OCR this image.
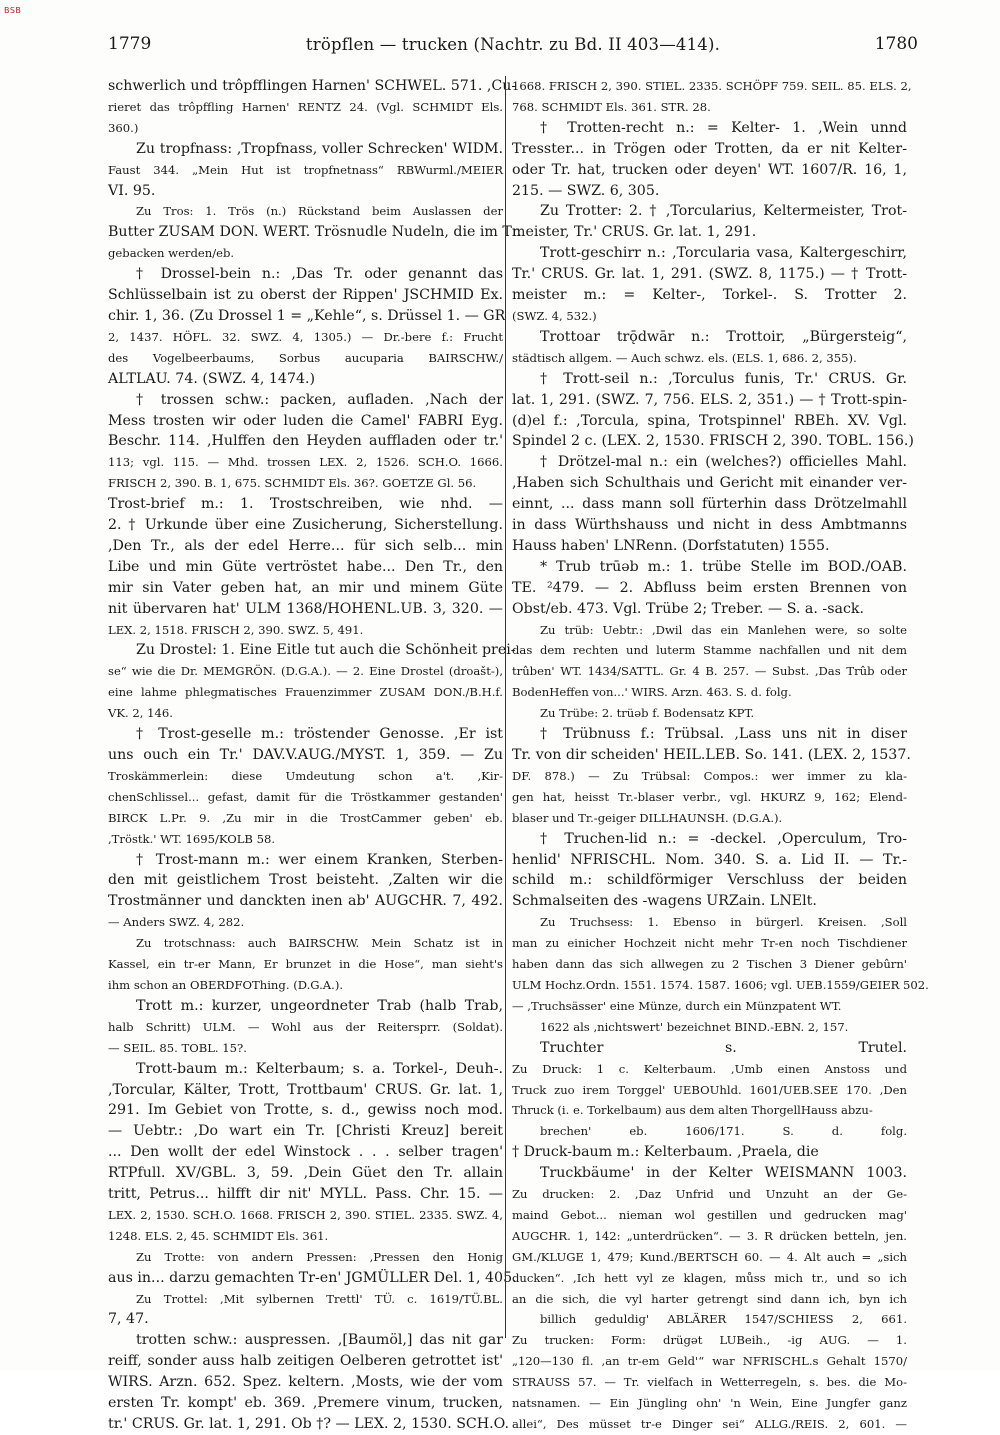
BSB
1779	tröpflen — trucken (Nachtr. zu Bd. II 403—414).	1780
schwerlich und trôpfflingen Harnen' SCHWEL. 571. ,Cu-
rieret das trôpffling Harnen' RENTZ 24. (Vgl. SCHMIDT Els.
360.)
Zu tropfnass: ,Tropfnass, voller Schrecken' WIDM.
Faust 344. „Mein Hut ist tropfnetnass“ RBWurml./MEIER
VI. 95.
Zu Tros: 1. Trös (n.) Rückstand beim Auslassen der
Butter ZUSAM DON. WERT. Trösnudle Nudeln, die im Tr.
gebacken werden/eb.
† Drossel-bein n.: ,Das Tr. oder genannt das
Schlüsselbain ist zu oberst der Rippen' JSCHMID Ex.
chir. 1, 36. (Zu Drossel 1 = „Kehle“, s. Drüssel 1. — GR
2, 1437. HÖFL. 32. SWZ. 4, 1305.) — Dr.-bere f.: Frucht
des Vogelbeerbaums, Sorbus aucuparia BAIRSCHW./
ALTLAU. 74. (SWZ. 4, 1474.)
† trossen schw.: packen, aufladen. ,Nach der
Mess trosten wir oder luden die Camel' FABRI Eyg.
Beschr. 114. ,Hulffen den Heyden auffladen oder tr.'
113; vgl. 115. — Mhd. trossen LEX. 2, 1526. SCH.O. 1666.
FRISCH 2, 390. B. 1, 675. SCHMIDT Els. 36?. GOETZE Gl. 56.
Trost-brief m.: 1. Trostschreiben, wie nhd. —
2. † Urkunde über eine Zusicherung, Sicherstellung.
,Den Tr., als der edel Herre... für sich selb... min
Libe und min Güte vertröstet habe... Den Tr., den
mir sin Vater geben hat, an mir und minem Güte
nit übervaren hat' ULM 1368/HOHENL.UB. 3, 320. —
LEX. 2, 1518. FRISCH 2, 390. SWZ. 5, 491.
Zu Drostel: 1. Eine Eitle tut auch die Schönheit prei-
se“ wie die Dr. MEMGRÖN. (D.G.A.). — 2. Eine Drostel (droašt-),
eine lahme phlegmatisches Frauenzimmer ZUSAM DON./B.H.f.
VK. 2, 146.
† Trost-geselle m.: tröstender Genosse. ,Er ist
uns ouch ein Tr.' DAV.V.AUG./MYST. 1, 359. — Zu
Troskämmerlein: diese Umdeutung schon a't. ,Kir-
chenSchlissel... gefast, damit für die Tröstkammer gestanden'
BIRCK L.Pr. 9. ,Zu mir in die TrostCammer geben' eb.
,Tröstk.' WT. 1695/KOLB 58.
† Trost-mann m.: wer einem Kranken, Sterben-
den mit geistlichem Trost beisteht. ,Zalten wir die
Trostmänner und danckten inen ab' AUGCHR. 7, 492.
— Anders SWZ. 4, 282.
Zu trotschnass: auch BAIRSCHW. Mein Schatz ist in
Kassel, ein tr-er Mann, Er brunzet in die Hose“, man sieht's
ihm schon an OBERDFOThing. (D.G.A.).
Trott m.: kurzer, ungeordneter Trab (halb Trab,
halb Schritt) ULM. — Wohl aus der Reitersprr. (Soldat).
— SEIL. 85. TOBL. 15?.
Trott-baum m.: Kelterbaum; s. a. Torkel-, Deuh-.
,Torcular, Kälter, Trott, Trottbaum' CRUS. Gr. lat. 1,
291. Im Gebiet von Trotte, s. d., gewiss noch mod.
— Uebtr.: ,Do wart ein Tr. [Christi Kreuz] bereit
... Den wollt der edel Winstock . . . selber tragen'
RTPfull. XV/GBL. 3, 59. ,Dein Güet den Tr. allain
tritt, Petrus... hilfft dir nit' MYLL. Pass. Chr. 15. —
LEX. 2, 1530. SCH.O. 1668. FRISCH 2, 390. STIEL. 2335. SWZ. 4,
1248. ELS. 2, 45. SCHMIDT Els. 361.
Zu Trotte: von andern Pressen: ,Pressen den Honig
aus in... darzu gemachten Tr-en' JGMÜLLER Del. 1, 405.
Zu Trottel: ,Mit sylbernen Trettl' TÜ. c. 1619/TÜ.BL.
7, 47.
trotten schw.: auspressen. ,[Baumöl,] das nit gar
reiff, sonder auss halb zeitigen Oelberen getrottet ist'
WIRS. Arzn. 652. Spez. keltern. ,Mosts, wie der vom
ersten Tr. kompt' eb. 369. ,Premere vinum, trucken,
tr.' CRUS. Gr. lat. 1, 291. Ob †? — LEX. 2, 1530. SCH.O.
1668. FRISCH 2, 390. STIEL. 2335. SCHÖPF 759. SEIL. 85. ELS. 2,
768. SCHMIDT Els. 361. STR. 28.
† Trotten-recht n.: = Kelter- 1. ,Wein unnd
Tresster... in Trögen oder Trotten, da er nit Kelter-
oder Tr. hat, trucken oder deyen' WT. 1607/R. 16, 1,
215. — SWZ. 6, 305.
Zu Trotter: 2. † ,Torcularius, Keltermeister, Trot-
meister, Tr.' CRUS. Gr. lat. 1, 291.
Trott-geschirr n.: ,Torcularia vasa, Kaltergeschirr,
Tr.' CRUS. Gr. lat. 1, 291. (SWZ. 8, 1175.) — † Trott-
meister m.: = Kelter-, Torkel-. S. Trotter 2.
(SWZ. 4, 532.)
Trottoar trǭdwār n.: Trottoir, „Bürgersteig“,
städtisch allgem. — Auch schwz. els. (ELS. 1, 686. 2, 355).
† Trott-seil n.: ,Torculus funis, Tr.' CRUS. Gr.
lat. 1, 291. (SWZ. 7, 756. ELS. 2, 351.) — † Trott-spin-
(d)el f.: ,Torcula, spina, Trotspinnel' RBEh. XV. Vgl.
Spindel 2 c. (LEX. 2, 1530. FRISCH 2, 390. TOBL. 156.)
† Drötzel-mal n.: ein (welches?) officielles Mahl.
,Haben sich Schulthais und Gericht mit einander ver-
einnt, ... dass mann soll fürterhin dass Drötzelmahll
in dass Würthshauss und nicht in dess Ambtmanns
Hauss haben' LNRenn. (Dorfstatuten) 1555.
* Trub trūəb m.: 1. trübe Stelle im BOD./OAB.
TE. ²479. — 2. Abfluss beim ersten Brennen von
Obst/eb. 473. Vgl. Trübe 2; Treber. — S. a. -sack.
Zu trüb: Uebtr.: ,Dwil das ein Manlehen were, so solte
das dem rechten und luterm Stamme nachfallen und nit dem
trûben' WT. 1434/SATTL. Gr. 4 B. 257. — Subst. ,Das Trûb oder
BodenHeffen von...' WIRS. Arzn. 463. S. d. folg.
Zu Trübe: 2. trüəb f. Bodensatz KPT.
† Trübnuss f.: Trübsal. ,Lass uns nit in diser
Tr. von dir scheiden' HEIL.LEB. So. 141. (LEX. 2, 1537.
DF. 878.) — Zu Trübsal: Compos.: wer immer zu kla-
gen hat, heisst Tr.-blaser verbr., vgl. HKURZ 9, 162; Elend-
blaser und Tr.-geiger DILLHAUNSH. (D.G.A.).
† Truchen-lid n.: = -deckel. ,Operculum, Tro-
henlid' NFRISCHL. Nom. 340. S. a. Lid II. — Tr.-
schild m.: schildförmiger Verschluss der beiden
Schmalseiten des -wagens URZain. LNElt.
Zu Truchsess: 1. Ebenso in bürgerl. Kreisen. ,Soll
man zu einicher Hochzeit nicht mehr Tr-en noch Tischdiener
haben dann das sich allwegen zu 2 Tischen 3 Diener gebûrn'
ULM Hochz.Ordn. 1551. 1574. 1587. 1606; vgl. UEB.1559/GEIER 502.
— ,Truchsässer' eine Münze, durch ein Münzpatent WT.
1622 als ,nichtswert' bezeichnet BIND.-EBN. 2, 157.
Truchter s. Trutel.
Zu Druck: 1 c. Kelterbaum. ,Umb einen Anstoss und
Truck zuo irem Torggel' UEBOUhld. 1601/UEB.SEE 170. ,Den
Thruck (i. e. Torkelbaum) aus dem alten ThorgellHauss abzu-
brechen' eb. 1606/171. S. d. folg.
† Druck-baum m.: Kelterbaum. ,Praela, die
Truckbäume' in der Kelter WEISMANN 1003.
Zu drucken: 2. ,Daz Unfrid und Unzuht an der Ge-
maind Gebot... nieman wol gestillen und gedrucken mag'
AUGCHR. 1, 142: „unterdrücken“. — 3. R drücken betteln, jen.
GM./KLUGE 1, 479; Kund./BERTSCH 60. — 4. Alt auch = „sich
ducken“. ,Ich hett vyl ze klagen, můss mich tr., und so ich
an die sich, die vyl harter getrengt sind dann ich, byn ich
billich geduldig' ABLÄRER 1547/SCHIESS 2, 661.
Zu trucken: Form: drügət LUBeih., -ig AUG. — 1.
„120—130 fl. ,an tr-em Geld'“ war NFRISCHL.s Gehalt 1570/
STRAUSS 57. — Tr. vielfach in Wetterregeln, s. bes. die Mo-
natsnamen. — Ein Jüngling ohn' 'n Wein, Eine Jungfer ganz
allei“, Des müsset tr-e Dinger sei“ ALLG./REIS. 2, 601. —
